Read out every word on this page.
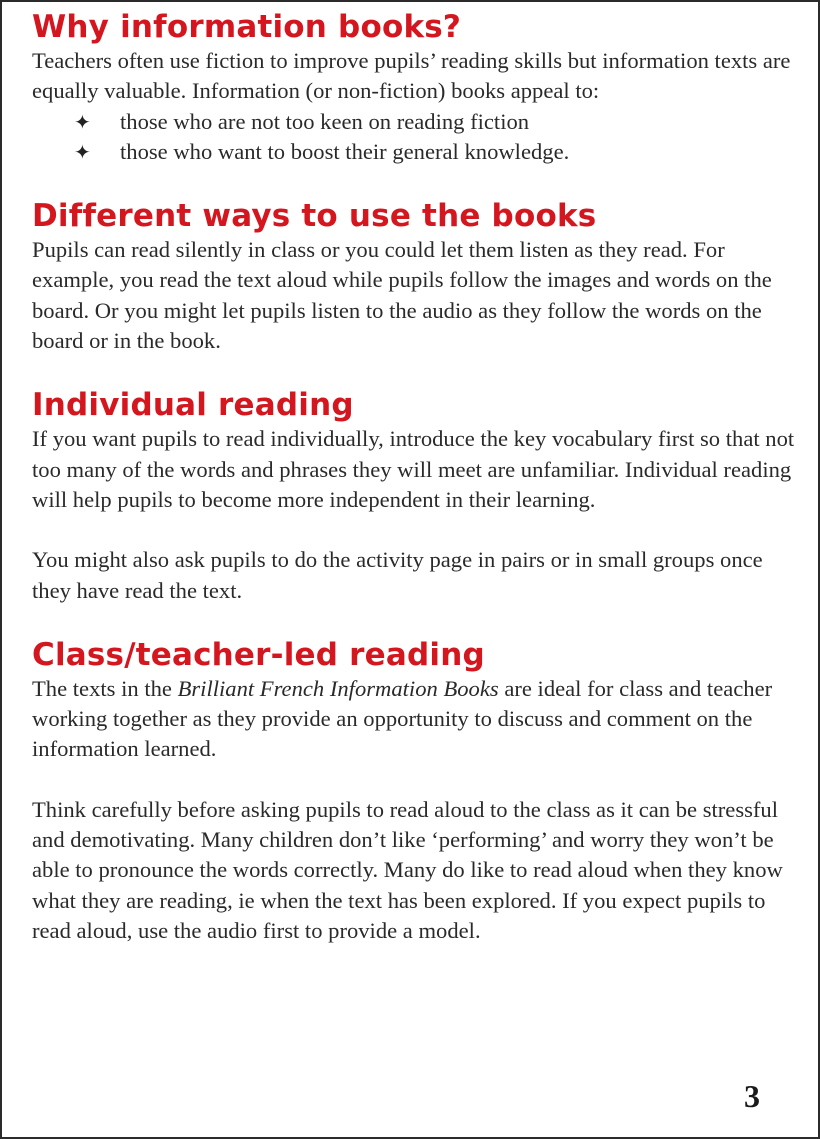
Why information books?

Teachers often use fiction to improve pupils’ reading skills but information texts are equally valuable. Information (or non-fiction) books appeal to:

✦ those who are not too keen on reading fiction
✦ those who want to boost their general knowledge.
Different ways to use the books

Pupils can read silently in class or you could let them listen as they read. For example, you read the text aloud while pupils follow the images and words on the board. Or you might let pupils listen to the audio as they follow the words on the board or in the book.

Individual reading

If you want pupils to read individually, introduce the key vocabulary first so that not too many of the words and phrases they will meet are unfamiliar. Individual reading will help pupils to become more independent in their learning.

You might also ask pupils to do the activity page in pairs or in small groups once they have read the text.

Class/teacher-led reading

The texts in the Brilliant French Information Books are ideal for class and teacher working together as they provide an opportunity to discuss and comment on the information learned.

Think carefully before asking pupils to read aloud to the class as it can be stressful and demotivating. Many children don’t like ‘performing’ and worry they won’t be able to pronounce the words correctly. Many do like to read aloud when they know what they are reading, ie when the text has been explored. If you expect pupils to read aloud, use the audio first to provide a model.

3
